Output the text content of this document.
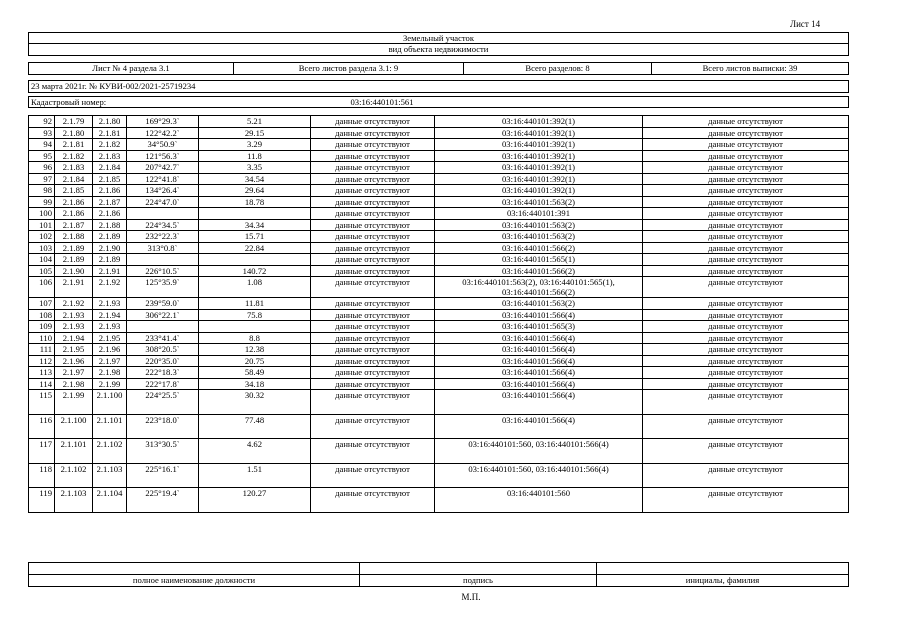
Лист 14
Земельный участок
вид объекта недвижимости

Лист № 4 раздела 3.1	Всего листов раздела 3.1: 9	Всего разделов: 8	Всего листов выписки: 39

23 марта 2021г. № КУВИ-002/2021-25719234
Кадастровый номер:	03:16:440101:561
92	2.1.79	2.1.80	169°29.3`	5.21	данные отсутствуют	03:16:440101:392(1)	данные отсутствуют
93	2.1.80	2.1.81	122°42.2`	29.15	данные отсутствуют	03:16:440101:392(1)	данные отсутствуют
94	2.1.81	2.1.82	34°50.9`	3.29	данные отсутствуют	03:16:440101:392(1)	данные отсутствуют
95	2.1.82	2.1.83	121°56.3`	11.8	данные отсутствуют	03:16:440101:392(1)	данные отсутствуют
96	2.1.83	2.1.84	207°42.7`	3.35	данные отсутствуют	03:16:440101:392(1)	данные отсутствуют
97	2.1.84	2.1.85	122°41.8`	34.54	данные отсутствуют	03:16:440101:392(1)	данные отсутствуют
98	2.1.85	2.1.86	134°26.4`	29.64	данные отсутствуют	03:16:440101:392(1)	данные отсутствуют
99	2.1.86	2.1.87	224°47.0`	18.78	данные отсутствуют	03:16:440101:563(2)	данные отсутствуют
100	2.1.86	2.1.86			данные отсутствуют	03:16:440101:391	данные отсутствуют
101	2.1.87	2.1.88	224°34.5`	34.34	данные отсутствуют	03:16:440101:563(2)	данные отсутствуют
102	2.1.88	2.1.89	232°22.3`	15.71	данные отсутствуют	03:16:440101:563(2)	данные отсутствуют
103	2.1.89	2.1.90	313°0.8`	22.84	данные отсутствуют	03:16:440101:566(2)	данные отсутствуют
104	2.1.89	2.1.89			данные отсутствуют	03:16:440101:565(1)	данные отсутствуют
105	2.1.90	2.1.91	226°10.5`	140.72	данные отсутствуют	03:16:440101:566(2)	данные отсутствуют
106	2.1.91	2.1.92	125°35.9`	1.08	данные отсутствуют	03:16:440101:563(2), 03:16:440101:565(1), 03:16:440101:566(2)	данные отсутствуют
107	2.1.92	2.1.93	239°59.0`	11.81	данные отсутствуют	03:16:440101:563(2)	данные отсутствуют
108	2.1.93	2.1.94	306°22.1`	75.8	данные отсутствуют	03:16:440101:566(4)	данные отсутствуют
109	2.1.93	2.1.93			данные отсутствуют	03:16:440101:565(3)	данные отсутствуют
110	2.1.94	2.1.95	233°41.4`	8.8	данные отсутствуют	03:16:440101:566(4)	данные отсутствуют
111	2.1.95	2.1.96	308°20.5`	12.38	данные отсутствуют	03:16:440101:566(4)	данные отсутствуют
112	2.1.96	2.1.97	220°35.0`	20.75	данные отсутствуют	03:16:440101:566(4)	данные отсутствуют
113	2.1.97	2.1.98	222°18.3`	58.49	данные отсутствуют	03:16:440101:566(4)	данные отсутствуют
114	2.1.98	2.1.99	222°17.8`	34.18	данные отсутствуют	03:16:440101:566(4)	данные отсутствуют
115	2.1.99	2.1.100	224°25.5`	30.32	данные отсутствуют	03:16:440101:566(4)	данные отсутствуют
116	2.1.100	2.1.101	223°18.0`	77.48	данные отсутствуют	03:16:440101:566(4)	данные отсутствуют
117	2.1.101	2.1.102	313°30.5`	4.62	данные отсутствуют	03:16:440101:560, 03:16:440101:566(4)	данные отсутствуют
118	2.1.102	2.1.103	225°16.1`	1.51	данные отсутствуют	03:16:440101:560, 03:16:440101:566(4)	данные отсутствуют
119	2.1.103	2.1.104	225°19.4`	120.27	данные отсутствуют	03:16:440101:560	данные отсутствуют

полное наименование должности	подпись	инициалы, фамилия
М.П.
